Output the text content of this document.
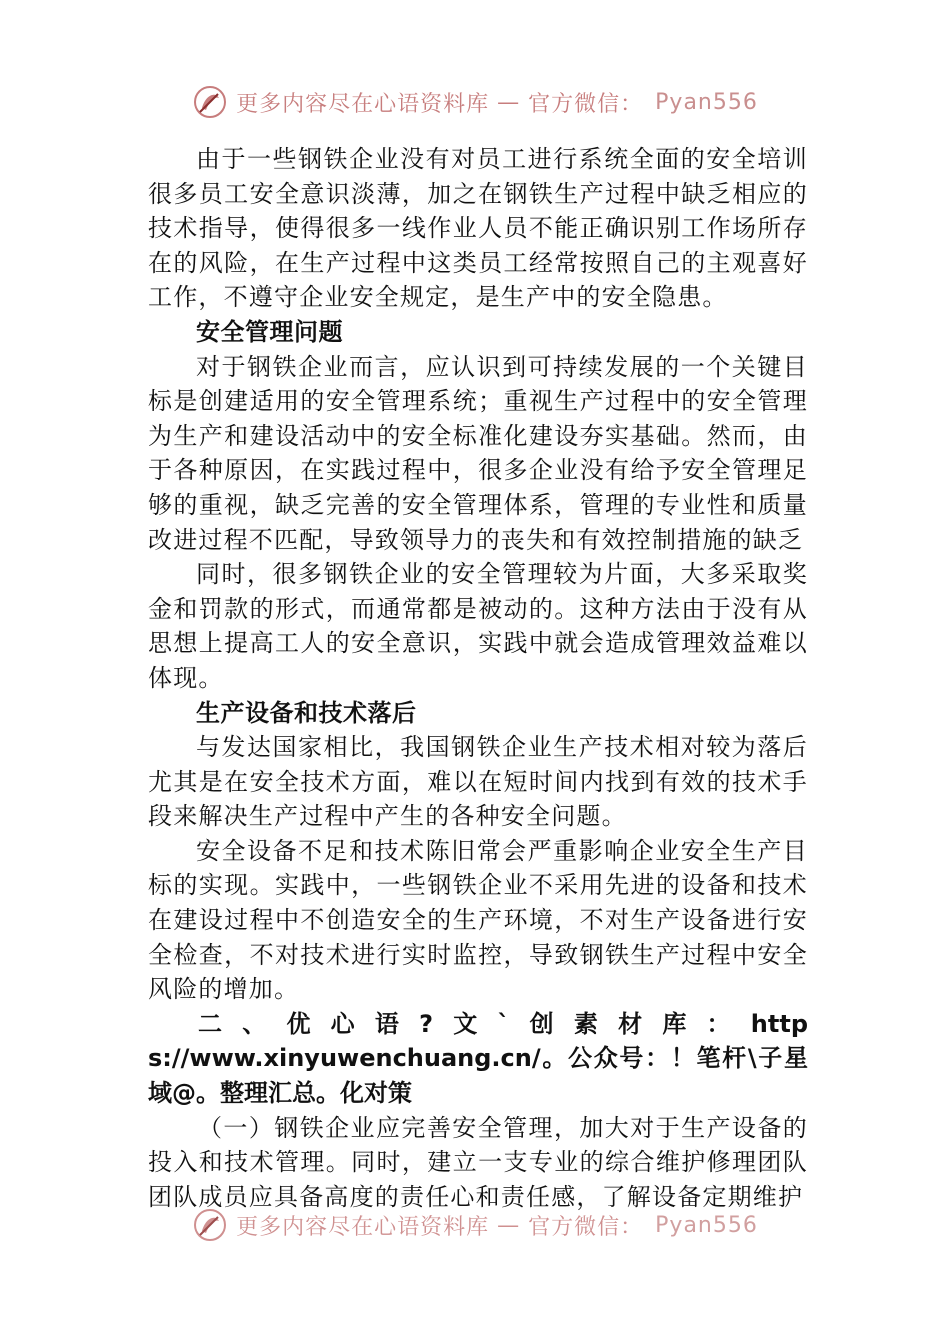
更多内容尽在心语资料库 — 官方微信： Pyan556

由于一些钢铁企业没有对员工进行系统全面的安全培训很多员工安全意识淡薄，加之在钢铁生产过程中缺乏相应的技术指导，使得很多一线作业人员不能正确识别工作场所存在的风险，在生产过程中这类员工经常按照自己的主观喜好工作，不遵守企业安全规定，是生产中的安全隐患。

安全管理问题

对于钢铁企业而言，应认识到可持续发展的一个关键目标是创建适用的安全管理系统；重视生产过程中的安全管理为生产和建设活动中的安全标准化建设夯实基础。然而，由于各种原因，在实践过程中，很多企业没有给予安全管理足够的重视，缺乏完善的安全管理体系，管理的专业性和质量改进过程不匹配，导致领导力的丧失和有效控制措施的缺乏

同时，很多钢铁企业的安全管理较为片面，大多采取奖金和罚款的形式，而通常都是被动的。这种方法由于没有从思想上提高工人的安全意识，实践中就会造成管理效益难以体现。

生产设备和技术落后

与发达国家相比，我国钢铁企业生产技术相对较为落后尤其是在安全技术方面，难以在短时间内找到有效的技术手段来解决生产过程中产生的各种安全问题。

安全设备不足和技术陈旧常会严重影响企业安全生产目标的实现。实践中，一些钢铁企业不采用先进的设备和技术在建设过程中不创造安全的生产环境，不对生产设备进行安全检查，不对技术进行实时监控，导致钢铁生产过程中安全风险的增加。

二、优心语?文`创素材库：https://www.xinyuwenchuang.cn/。公众号：！笔杆\子星域@。整理汇总。化对策

（一）钢铁企业应完善安全管理，加大对于生产设备的投入和技术管理。同时，建立一支专业的综合维护修理团队团队成员应具备高度的责任心和责任感，了解设备定期维护

更多内容尽在心语资料库 — 官方微信： Pyan556
